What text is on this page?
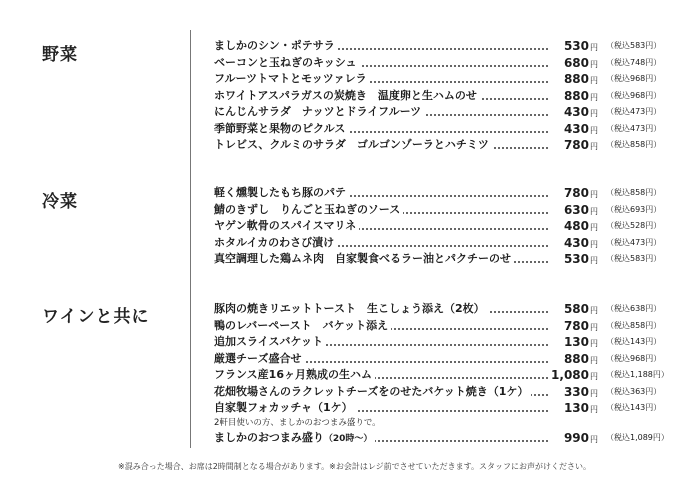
野菜
冷菜
ワインと共に
ましかのシン・ポテサラ	530円 （税込583円）
ベーコンと玉ねぎのキッシュ	680円 （税込748円）
フルーツトマトとモッツァレラ	880円 （税込968円）
ホワイトアスパラガスの炭焼き　温度卵と生ハムのせ	880円 （税込968円）
にんじんサラダ　ナッツとドライフルーツ	430円 （税込473円）
季節野菜と果物のピクルス	430円 （税込473円）
トレビス、クルミのサラダ　ゴルゴンゾーラとハチミツ	780円 （税込858円）
軽く燻製したもち豚のパテ	780円 （税込858円）
鯖のきずし　りんごと玉ねぎのソース	630円 （税込693円）
ヤゲン軟骨のスパイスマリネ	480円 （税込528円）
ホタルイカのわさび漬け	430円 （税込473円）
真空調理した鶏ムネ肉　自家製食べるラー油とパクチーのせ	530円 （税込583円）
豚肉の焼きリエットトースト　生こしょう添え（2枚）	580円 （税込638円）
鴨のレバーペースト　バケット添え	780円 （税込858円）
追加スライスバケット	130円 （税込143円）
厳選チーズ盛合せ	880円 （税込968円）
フランス産16ヶ月熟成の生ハム	1,080円 （税込1,188円）
花畑牧場さんのラクレットチーズをのせたバケット焼き（1ケ）	330円 （税込363円）
自家製フォカッチャ（1ケ）	130円 （税込143円）
2軒目使いの方、ましかのおつまみ盛りで。
ましかのおつまみ盛り（20時〜）	990円 （税込1,089円）
※混み合った場合、お席は2時間制となる場合があります。※お会計はレジ前でさせていただきます。スタッフにお声がけください。
